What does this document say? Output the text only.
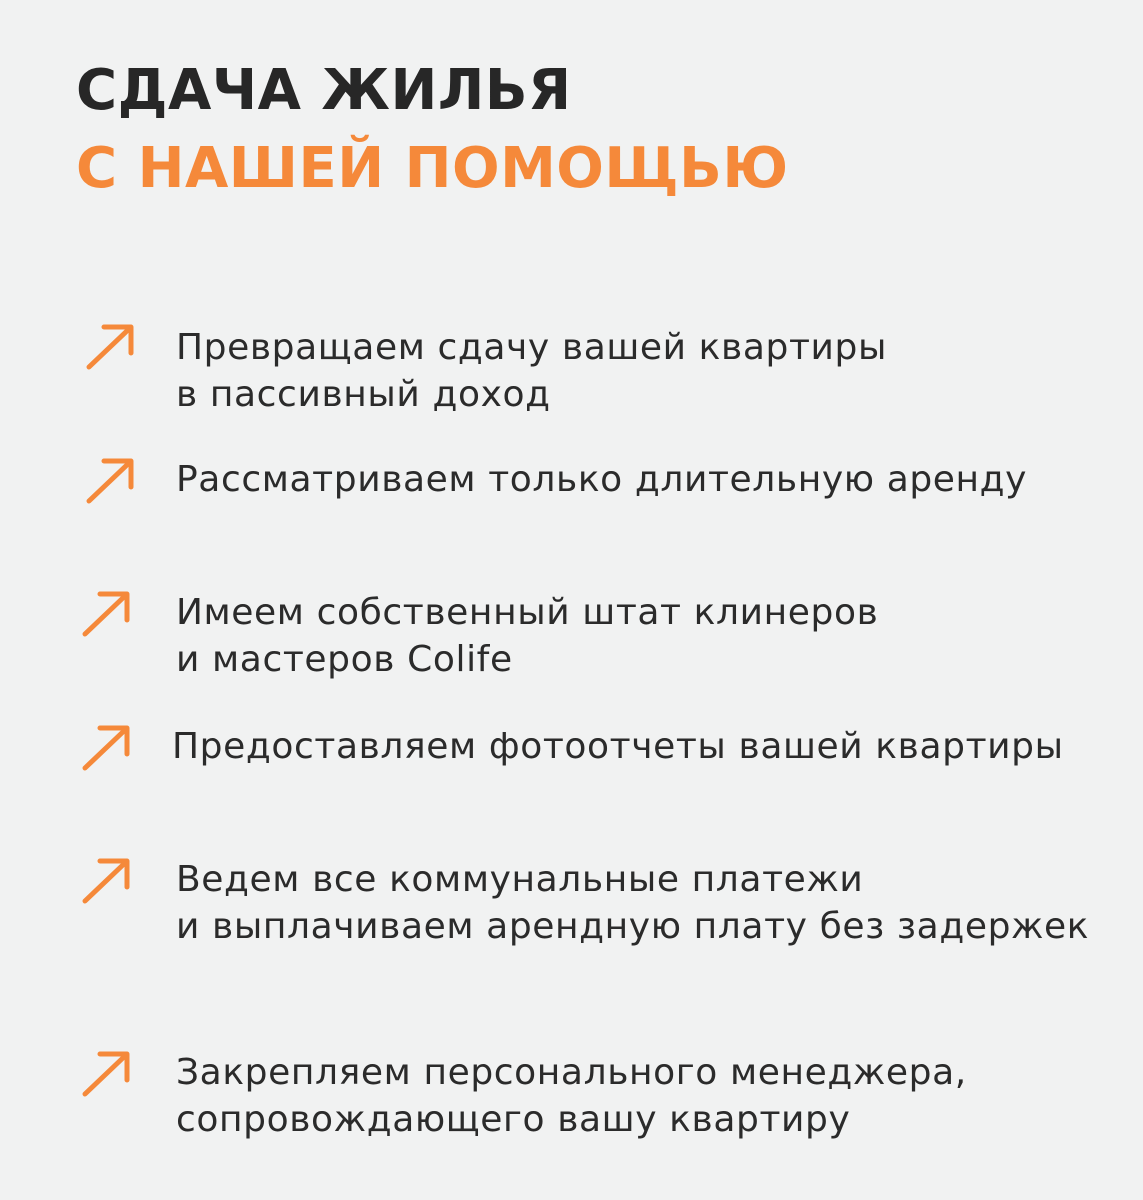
СДАЧА ЖИЛЬЯ
С НАШЕЙ ПОМОЩЬЮ
Превращаем сдачу вашей квартиры
в пассивный доход
Рассматриваем только длительную аренду
Имеем собственный штат клинеров
и мастеров Colife
Предоставляем фотоотчеты вашей квартиры
Ведем все коммунальные платежи
и выплачиваем арендную плату без задержек
Закрепляем персонального менеджера,
сопровождающего вашу квартиру
